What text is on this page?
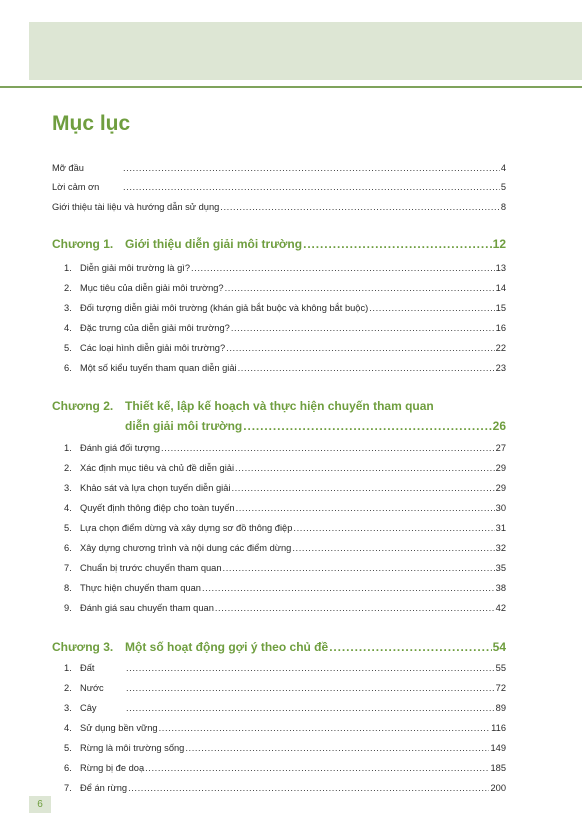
Mục lục
Mỡ đầu .....	4
Lời cảm ơn .....	5
Giới thiệu tài liệu và hướng dẫn sử dụng .....	8
Chương 1. Giới thiệu diễn giải môi trường .....	12
1. Diễn giải môi trường là gì? .....	13
2. Mục tiêu của diễn giải môi trường? .....	14
3. Đối tượng diễn giải môi trường (khán giả bắt buộc và không bắt buộc) .....	15
4. Đặc trưng của diễn giải môi trường? .....	16
5. Các loại hình diễn giải môi trường? .....	22
6. Một số kiểu tuyến tham quan diễn giải .....	23
Chương 2. Thiết kế, lập kế hoạch và thực hiện chuyến tham quan
diễn giải môi trường .....	26
1. Đánh giá đối tượng .....	27
2. Xác định mục tiêu và chủ đề diễn giải .....	29
3. Khảo sát và lựa chọn tuyến diễn giải .....	29
4. Quyết định thông điệp cho toàn tuyến .....	30
5. Lựa chọn điểm dừng và xây dựng sơ đồ thông điệp .....	31
6. Xây dựng chương trình và nội dung các điểm dừng .....	32
7. Chuẩn bị trước chuyến tham quan .....	35
8. Thực hiện chuyến tham quan .....	38
9. Đánh giá sau chuyến tham quan .....	42
Chương 3. Một số hoạt động gợi ý theo chủ đề .....	54
1. Đất .....	55
2. Nước .....	72
3. Cây .....	89
4. Sử dụng bền vững .....	116
5. Rừng là môi trường sống .....	149
6. Rừng bị đe doạ .....	185
7. Để án rừng .....	200
6
